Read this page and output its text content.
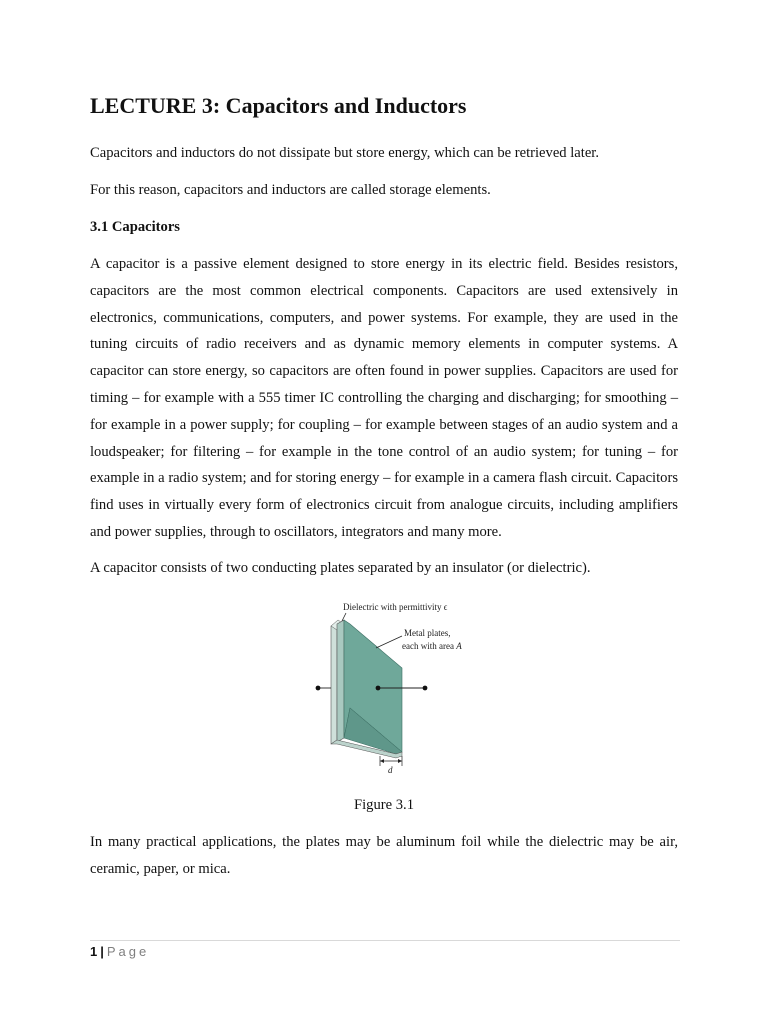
LECTURE 3: Capacitors and Inductors

Capacitors and inductors do not dissipate but store energy, which can be retrieved later.

For this reason, capacitors and inductors are called storage elements.

3.1 Capacitors

A capacitor is a passive element designed to store energy in its electric field. Besides resistors, capacitors are the most common electrical components. Capacitors are used extensively in electronics, communications, computers, and power systems. For example, they are used in the tuning circuits of radio receivers and as dynamic memory elements in computer systems. A capacitor can store energy, so capacitors are often found in power supplies. Capacitors are used for timing – for example with a 555 timer IC controlling the charging and discharging; for smoothing – for example in a power supply; for coupling – for example between stages of an audio system and a loudspeaker; for filtering – for example in the tone control of an audio system; for tuning – for example in a radio system; and for storing energy – for example in a camera flash circuit. Capacitors find uses in virtually every form of electronics circuit from analogue circuits, including amplifiers and power supplies, through to oscillators, integrators and many more.

A capacitor consists of two conducting plates separated by an insulator (or dielectric).

Dielectric with permittivity ϵ
Metal plates,
each with area A
d

Figure 3.1

In many practical applications, the plates may be aluminum foil while the dielectric may be air, ceramic, paper, or mica.

1 | Page
